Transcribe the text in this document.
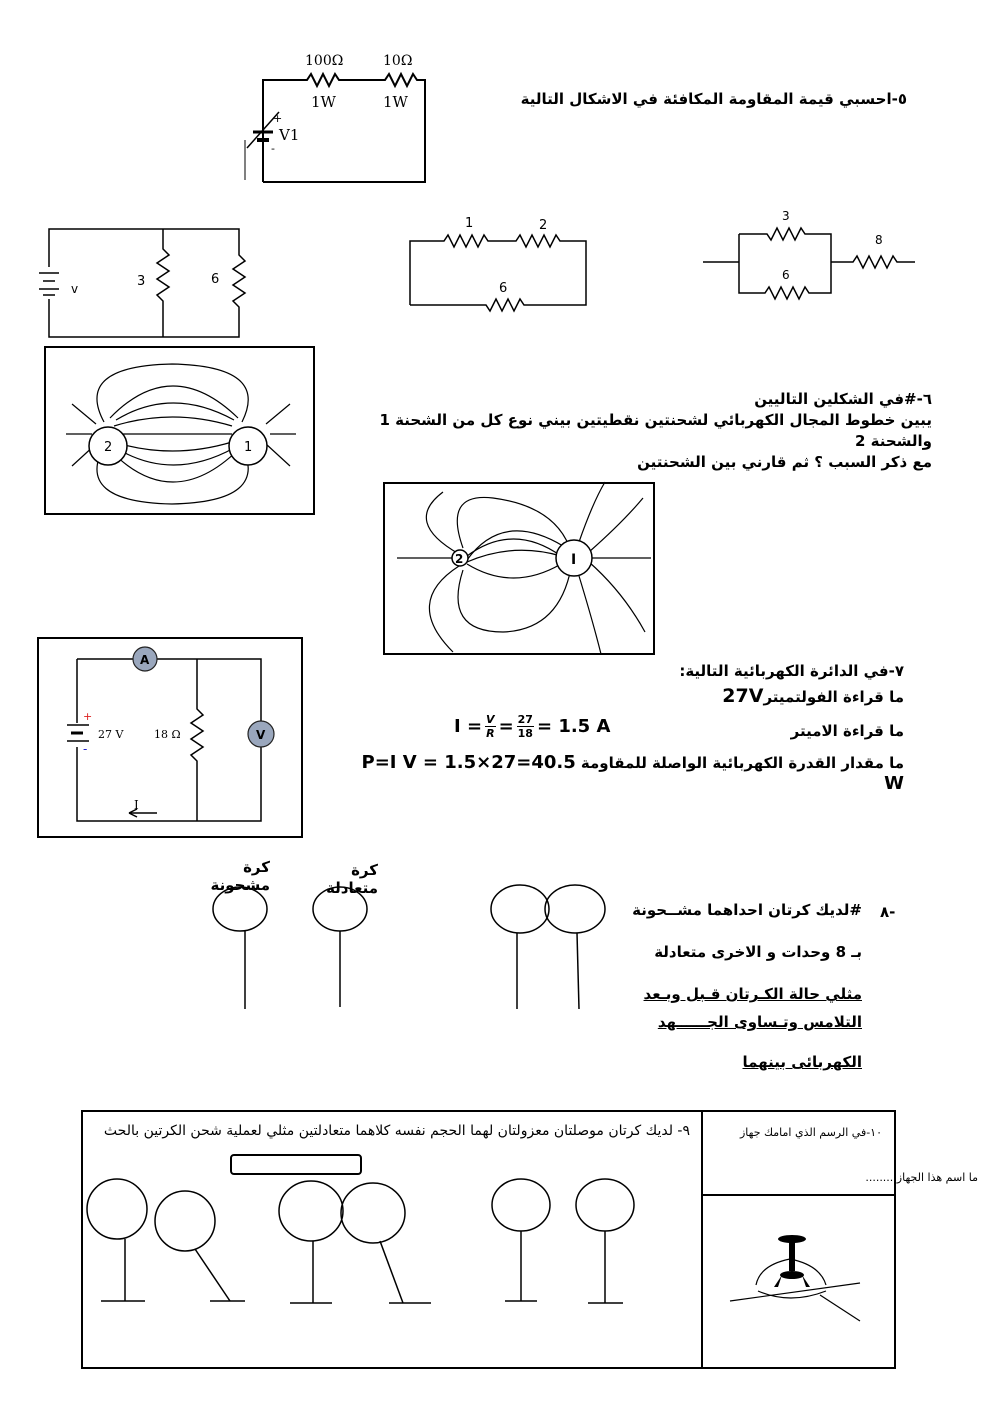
٥-احسبي قيمة المقاومة المكافئة في الاشكال التالية
100Ω	10Ω
1W	1W
V1
+
-
v	3	6
1	2
6
3
6
8
2	1
٦-#في الشكلين التاليين
يبين خطوط المجال الكهربائي لشحنتين نقطيتين بيني نوع كل من الشحنة 1 والشحنة 2
مع ذكر السبب ؟ ثم قارني بين الشحنتين
2	I
A
V
27 V	18 Ω
I
+
-
٧-في الدائرة الكهربائية التالية:
ما قراءة الفولتميتر27V
ما قراءة الاميتر
$I = \frac{V}{R} = \frac{27}{18} = 1.5$ A
ما مقدار القدرة الكهربائية الواصلة للمقاومة P=I V = 1.5×27=40.5 W
كرة مشحونة
كرة متعادلة
#لديك كرتان احداهما مشــحونة
بـ 8 وحدات و الاخرى متعادلة
مثلي حالة الكـرتان قـبل وبـعد
التلامس وتـساوى الجــــــهد
الكهربائى بينهما
٨-
٩- لديك كرتان موصلتان معزولتان لهما الحجم نفسه كلاهما متعادلتين مثلي لعملية شحن الكرتين بالحث	١٠-في الرسم الذي امامك جهاز
ما اسم هذا الجهاز.........
